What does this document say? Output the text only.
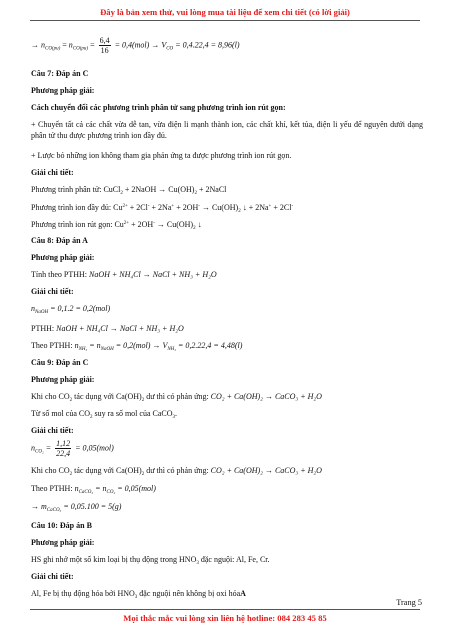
Đây là bản xem thử, vui lòng mua tài liệu để xem chi tiết (có lời giải)
→ $n_{CO(pu)} = n_{CO(pu)} = \frac{6,4}{16} = 0,4(mol) \to V_{CO} = 0,4.22,4 = 8,96(l)$
Câu 7: Đáp án C
Phương pháp giải:
Cách chuyển đổi các phương trình phân tử sang phương trình ion rút gọn:
+ Chuyển tất cả các chất vừa dễ tan, vừa điện li mạnh thành ion, các chất khí, kết tủa, điện li yếu để nguyên dưới dạng phân tử thu được phương trình ion đầy đủ.
+ Lược bỏ những ion không tham gia phản ứng ta được phương trình ion rút gọn.
Giải chi tiết:
Phương trình phân tử: CuCl$_2$ + 2NaOH → $Cu(OH)_2$ + 2NaCl
Phương trình ion đầy đủ: $Cu^{2+} + 2Cl^- + 2Na^+ + 2OH^- \to Cu(OH)_2$ ↓ + 2Na+ + 2Cl-
Phương trình ion rút gọn: $Cu^{2+} + 2OH^- \to Cu(OH)_2$ ↓
Câu 8: Đáp án A
Phương pháp giải:
Tính theo PTHH: NaOH + NH₄Cl → NaCl + NH₃ + H₂O
Giải chi tiết:
$n_{NaOH} = 0,1.2 = 0,2(mol)$
PTHH: NaOH + NH₄Cl → NaCl + NH₃ + H₂O
Theo PTHH: $n_{NH_3} = n_{NaOH} = 0,2(mol) \to V_{NH_3} = 0,2.22,4 = 4,48(l)$
Câu 9: Đáp án C
Phương pháp giải:
Khi cho $CO_2$ tác dụng với $Ca(OH)_2$ dư thì có phản ứng: CO₂ + Ca(OH)₂ → CaCO₃ + H₂O
Từ số mol của $CO_2$ suy ra số mol của CaCO$_3$.
Giải chi tiết:
$n_{CO_2} = \frac{1,12}{22,4} = 0,05(mol)$
Khi cho $CO_2$ tác dụng với $Ca(OH)_2$ dư thì có phản ứng: CO₂ + Ca(OH)₂ → CaCO₃ + H₂O
Theo PTHH: $n_{CaCO_3} = n_{CO_2} = 0,05(mol)$
→ $m_{CaCO_3} = 0,05.100 = 5(g)$
Câu 10: Đáp án B
Phương pháp giải:
HS ghi nhớ một số kim loại bị thụ động trong $HNO_3$ đặc nguội: Al, Fe, Cr.
Giải chi tiết:
Al, Fe bị thụ động hóa bởi $HNO_3$ đặc nguội nên không bị oxi hóaA
Trang 5
Mọi thắc mắc vui lòng xin liên hệ hotline: 084 283 45 85
